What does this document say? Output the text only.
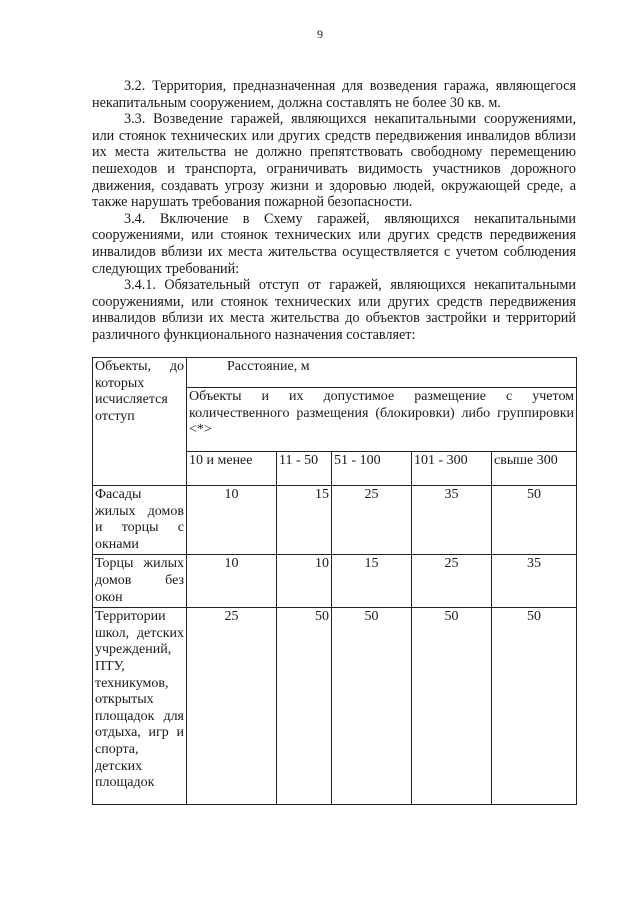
9

3.2. Территория, предназначенная для возведения гаража, являющегося некапитальным сооружением, должна составлять не более 30 кв. м.

3.3. Возведение гаражей, являющихся некапитальными сооружениями, или стоянок технических или других средств передвижения инвалидов вблизи их места жительства не должно препятствовать свободному перемещению пешеходов и транспорта, ограничивать видимость участников дорожного движения, создавать угрозу жизни и здоровью людей, окружающей среде, а также нарушать требования пожарной безопасности.

3.4. Включение в Схему гаражей, являющихся некапитальными сооружениями, или стоянок технических или других средств передвижения инвалидов вблизи их места жительства осуществляется с учетом соблюдения следующих требований:

3.4.1. Обязательный отступ от гаражей, являющихся некапитальными сооружениями, или стоянок технических или других средств передвижения инвалидов вблизи их места жительства до объектов застройки и территорий различного функционального назначения составляет:

Объекты, до которых исчисляется отступ	Расстояние, м				
	Объекты и их допустимое размещение с учетом количественного размещения (блокировки) либо группировки <*>				
	10 и менее	11 - 50	51 - 100	101 - 300	свыше 300
Фасады жилых домов и торцы с окнами	10	15	25	35	50
Торцы жилых домов без окон	10	10	15	25	35
Территории школ, детских учреждений, ПТУ, техникумов, открытых площадок для отдыха, игр и спорта, детских площадок	25	50	50	50	50
